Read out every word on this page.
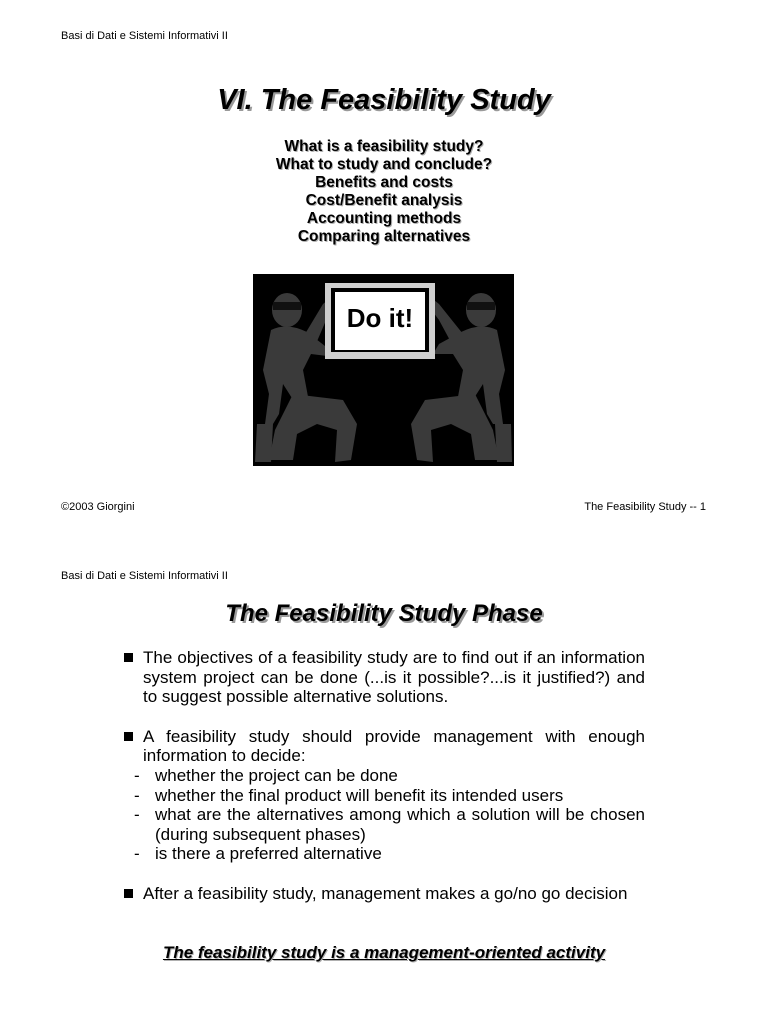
Basi di Dati e Sistemi Informativi II
VI. The Feasibility Study
What is a feasibility study?
What to study and conclude?
Benefits and costs
Cost/Benefit analysis
Accounting methods
Comparing alternatives
Do it!
©2003 Giorgini	The Feasibility Study -- 1
Basi di Dati e Sistemi Informativi II
The Feasibility Study Phase
The objectives of a feasibility study are to find out if an information system project can be done (...is it possible?...is it justified?) and to suggest possible alternative solutions.
A feasibility study should provide management with enough information to decide:
- whether the project can be done
- whether the final product will benefit its intended users
- what are the alternatives among which a solution will be chosen (during subsequent phases)
- is there a preferred alternative
After a feasibility study, management makes a go/no go decision
The feasibility study is a management-oriented activity
